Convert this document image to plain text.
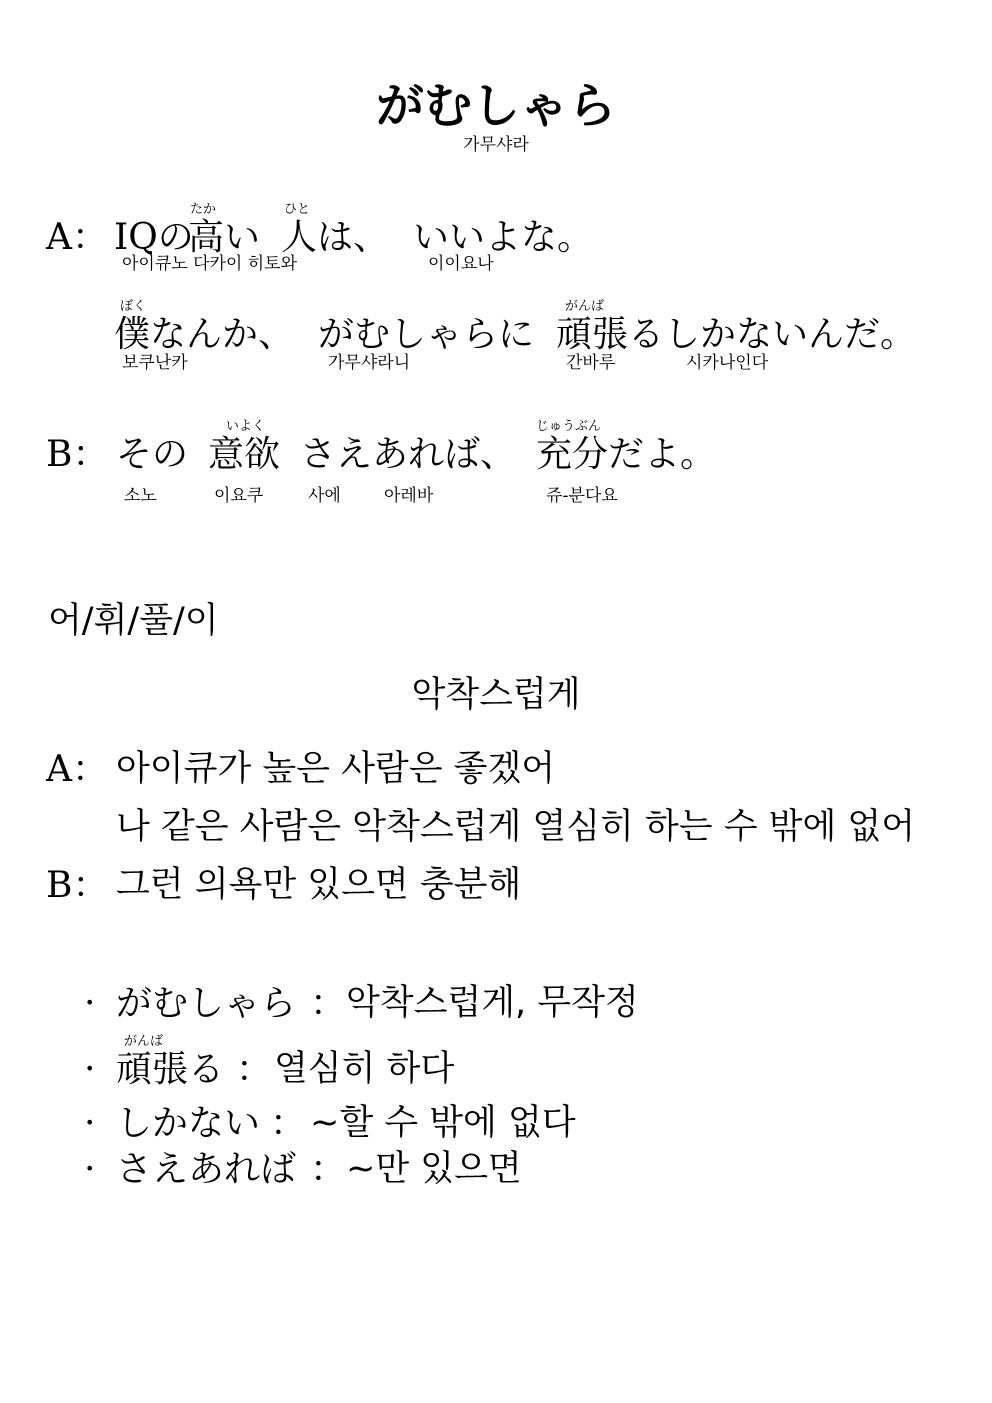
がむしゃら
가무샤라
A： IQの
たか
高い
ひと
人は、 いいよな。
아이큐노 다카이 히토와	이이요나
ぼく
僕なんか、 がむしゃらに
がんば
頑張るしかないんだ。
보쿠난카	가무샤라니	간바루	시카나인다
B： その
いよく
意欲 さえあれば、
じゅうぶん
充分だよ。
소노	이요쿠	사에	아레바	쥬-분다요
어/휘/풀/이
악착스럽게
A： 아이큐가 높은 사람은 좋겠어
나 같은 사람은 악착스럽게 열심히 하는 수 밖에 없어
B： 그런 의욕만 있으면 충분해
· がむしゃら ： 악착스럽게, 무작정
がんば
· 頑張る ： 열심히 하다
· しかない ： ~할 수 밖에 없다
· さえあれば ： ~만 있으면
